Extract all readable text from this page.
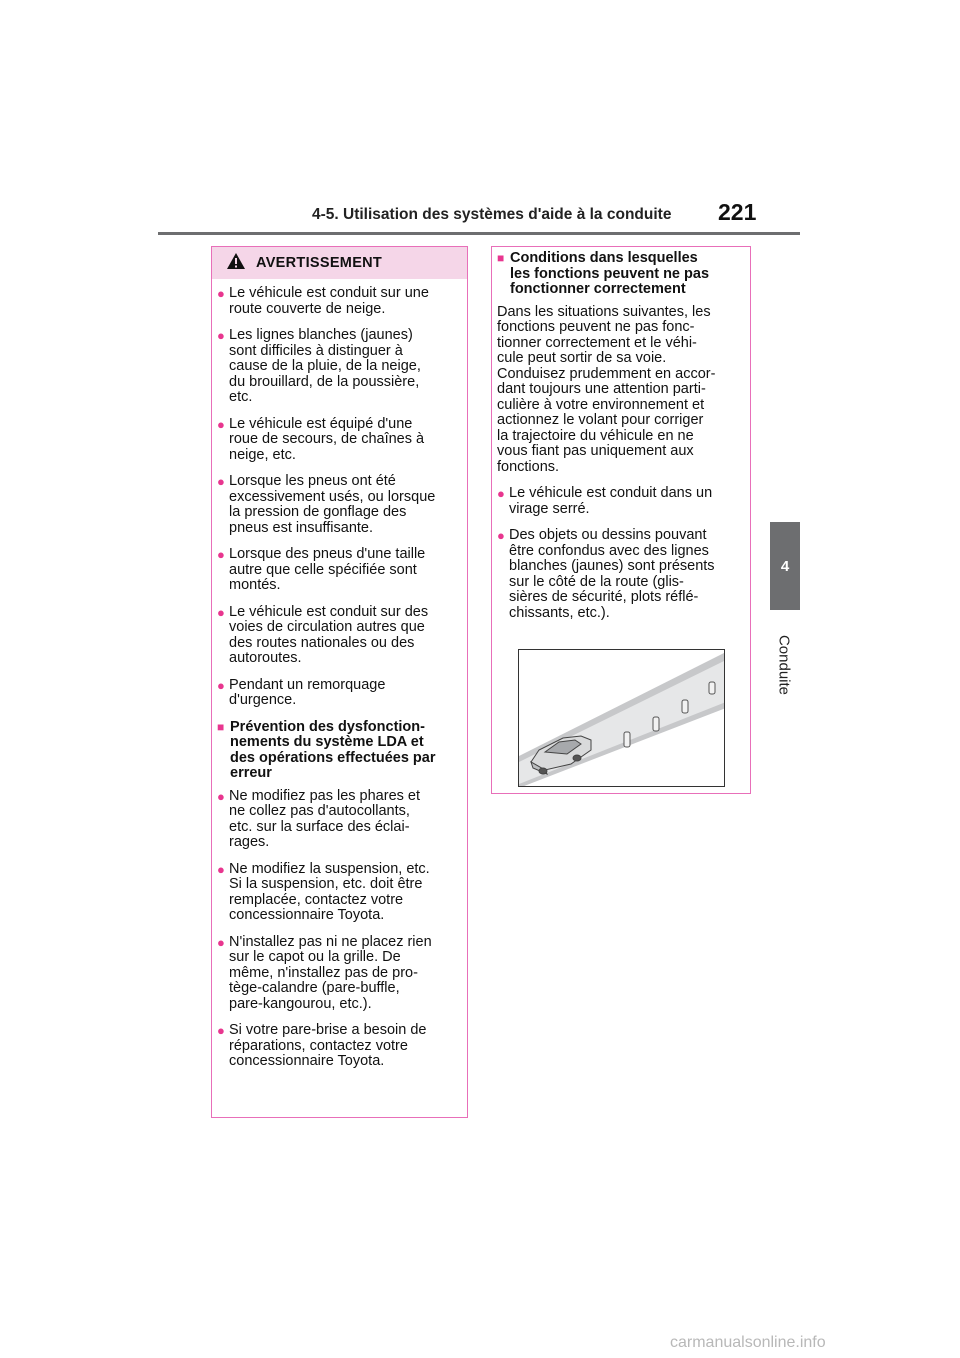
4-5. Utilisation des systèmes d'aide à la conduite 221
4
Conduite
AVERTISSEMENT
● Le véhicule est conduit sur une
route couverte de neige.
● Les lignes blanches (jaunes)
sont difficiles à distinguer à
cause de la pluie, de la neige,
du brouillard, de la poussière,
etc.
● Le véhicule est équipé d'une
roue de secours, de chaînes à
neige, etc.
● Lorsque les pneus ont été
excessivement usés, ou lorsque
la pression de gonflage des
pneus est insuffisante.
● Lorsque des pneus d'une taille
autre que celle spécifiée sont
montés.
● Le véhicule est conduit sur des
voies de circulation autres que
des routes nationales ou des
autoroutes.
● Pendant un remorquage
d'urgence.
■ Prévention des dysfonction-
nements du système LDA et
des opérations effectuées par
erreur
● Ne modifiez pas les phares et
ne collez pas d'autocollants,
etc. sur la surface des éclai-
rages.
● Ne modifiez la suspension, etc.
Si la suspension, etc. doit être
remplacée, contactez votre
concessionnaire Toyota.
● N'installez pas ni ne placez rien
sur le capot ou la grille. De
même, n'installez pas de pro-
tège-calandre (pare-buffle,
pare-kangourou, etc.).
● Si votre pare-brise a besoin de
réparations, contactez votre
concessionnaire Toyota.
■ Conditions dans lesquelles
les fonctions peuvent ne pas
fonctionner correctement
Dans les situations suivantes, les
fonctions peuvent ne pas fonc-
tionner correctement et le véhi-
cule peut sortir de sa voie.
Conduisez prudemment en accor-
dant toujours une attention parti-
culière à votre environnement et
actionnez le volant pour corriger
la trajectoire du véhicule en ne
vous fiant pas uniquement aux
fonctions.
● Le véhicule est conduit dans un
virage serré.
● Des objets ou dessins pouvant
être confondus avec des lignes
blanches (jaunes) sont présents
sur le côté de la route (glis-
sières de sécurité, plots réflé-
chissants, etc.).
carmanualsonline.info
